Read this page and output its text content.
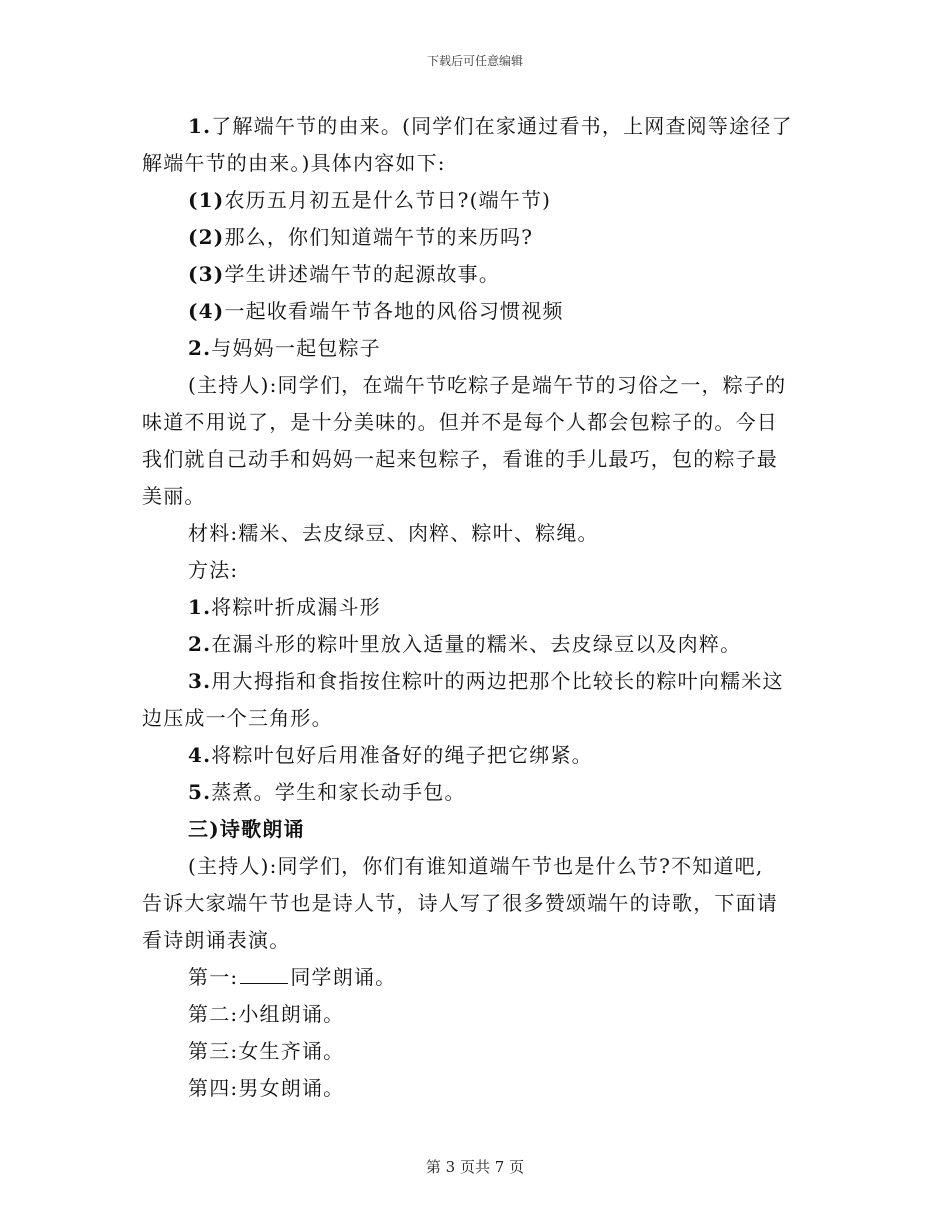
下载后可任意编辑
1.了解端午节的由来。(同学们在家通过看书，上网查阅等途径了
解端午节的由来。)具体内容如下:
(1)农历五月初五是什么节日?(端午节)
(2)那么，你们知道端午节的来历吗?
(3)学生讲述端午节的起源故事。
(4)一起收看端午节各地的风俗习惯视频
2.与妈妈一起包粽子
(主持人):同学们，在端午节吃粽子是端午节的习俗之一，粽子的
味道不用说了，是十分美味的。但并不是每个人都会包粽子的。今日
我们就自己动手和妈妈一起来包粽子，看谁的手儿最巧，包的粽子最
美丽。
材料:糯米、去皮绿豆、肉粹、粽叶、粽绳。
方法:
1.将粽叶折成漏斗形
2.在漏斗形的粽叶里放入适量的糯米、去皮绿豆以及肉粹。
3.用大拇指和食指按住粽叶的两边把那个比较长的粽叶向糯米这
边压成一个三角形。
4.将粽叶包好后用准备好的绳子把它绑紧。
5.蒸煮。学生和家长动手包。
三)诗歌朗诵
(主持人):同学们，你们有谁知道端午节也是什么节?不知道吧,
告诉大家端午节也是诗人节，诗人写了很多赞颂端午的诗歌，下面请
看诗朗诵表演。
第一:	同学朗诵。
第二:小组朗诵。
第三:女生齐诵。
第四:男女朗诵。
第 3 页共 7 页
